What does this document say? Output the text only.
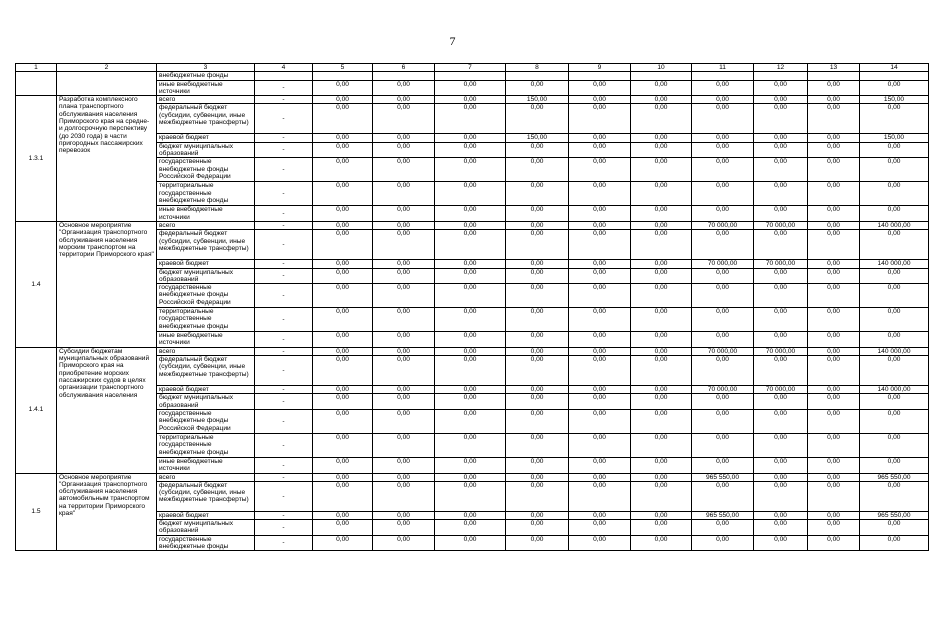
7
1	2	3	4	5	6	7	8	9	10	11	12	13	14
		внебюджетные фонды											
		иные внебюджетные источники	-	0,00	0,00	0,00	0,00	0,00	0,00	0,00	0,00	0,00	0,00
1.3.1	Разработка комплексного плана транспортного обслуживания населения Приморского края на средне- и долгосрочную перспективу (до 2030 года) в части пригородных пассажирских перевозок	всего	-	0,00	0,00	0,00	150,00	0,00	0,00	0,00	0,00	0,00	150,00
		федеральный бюджет (субсидии, субвенции, иные межбюджетные трансферты)	-	0,00	0,00	0,00	0,00	0,00	0,00	0,00	0,00	0,00	0,00
		краевой бюджет	-	0,00	0,00	0,00	150,00	0,00	0,00	0,00	0,00	0,00	150,00
		бюджет муниципальных образований	-	0,00	0,00	0,00	0,00	0,00	0,00	0,00	0,00	0,00	0,00
		государственные внебюджетные фонды Российской Федерации	-	0,00	0,00	0,00	0,00	0,00	0,00	0,00	0,00	0,00	0,00
		территориальные государственные внебюджетные фонды	-	0,00	0,00	0,00	0,00	0,00	0,00	0,00	0,00	0,00	0,00
		иные внебюджетные источники	-	0,00	0,00	0,00	0,00	0,00	0,00	0,00	0,00	0,00	0,00
1.4	Основное мероприятие "Организация транспортного обслуживания населения морским транспортом на территории Приморского края"	всего	-	0,00	0,00	0,00	0,00	0,00	0,00	70 000,00	70 000,00	0,00	140 000,00
		федеральный бюджет (субсидии, субвенции, иные межбюджетные трансферты)	-	0,00	0,00	0,00	0,00	0,00	0,00	0,00	0,00	0,00	0,00
		краевой бюджет	-	0,00	0,00	0,00	0,00	0,00	0,00	70 000,00	70 000,00	0,00	140 000,00
		бюджет муниципальных образований	-	0,00	0,00	0,00	0,00	0,00	0,00	0,00	0,00	0,00	0,00
		государственные внебюджетные фонды Российской Федерации	-	0,00	0,00	0,00	0,00	0,00	0,00	0,00	0,00	0,00	0,00
		территориальные государственные внебюджетные фонды	-	0,00	0,00	0,00	0,00	0,00	0,00	0,00	0,00	0,00	0,00
		иные внебюджетные источники	-	0,00	0,00	0,00	0,00	0,00	0,00	0,00	0,00	0,00	0,00
1.4.1	Субсидии бюджетам муниципальных образований Приморского края на приобретение морских пассажирских судов в целях организации транспортного обслуживания населения	всего	-	0,00	0,00	0,00	0,00	0,00	0,00	70 000,00	70 000,00	0,00	140 000,00
		федеральный бюджет (субсидии, субвенции, иные межбюджетные трансферты)	-	0,00	0,00	0,00	0,00	0,00	0,00	0,00	0,00	0,00	0,00
		краевой бюджет	-	0,00	0,00	0,00	0,00	0,00	0,00	70 000,00	70 000,00	0,00	140 000,00
		бюджет муниципальных образований	-	0,00	0,00	0,00	0,00	0,00	0,00	0,00	0,00	0,00	0,00
		государственные внебюджетные фонды Российской Федерации	-	0,00	0,00	0,00	0,00	0,00	0,00	0,00	0,00	0,00	0,00
		территориальные государственные внебюджетные фонды	-	0,00	0,00	0,00	0,00	0,00	0,00	0,00	0,00	0,00	0,00
		иные внебюджетные источники	-	0,00	0,00	0,00	0,00	0,00	0,00	0,00	0,00	0,00	0,00
1.5	Основное мероприятие "Организация транспортного обслуживания населения автомобильным транспортом на территории Приморского края"	всего	-	0,00	0,00	0,00	0,00	0,00	0,00	965 550,00	0,00	0,00	965 550,00
		федеральный бюджет (субсидии, субвенции, иные межбюджетные трансферты)	-	0,00	0,00	0,00	0,00	0,00	0,00	0,00	0,00	0,00	0,00
		краевой бюджет	-	0,00	0,00	0,00	0,00	0,00	0,00	965 550,00	0,00	0,00	965 550,00
		бюджет муниципальных образований	-	0,00	0,00	0,00	0,00	0,00	0,00	0,00	0,00	0,00	0,00
		государственные внебюджетные фонды	-	0,00	0,00	0,00	0,00	0,00	0,00	0,00	0,00	0,00	0,00
